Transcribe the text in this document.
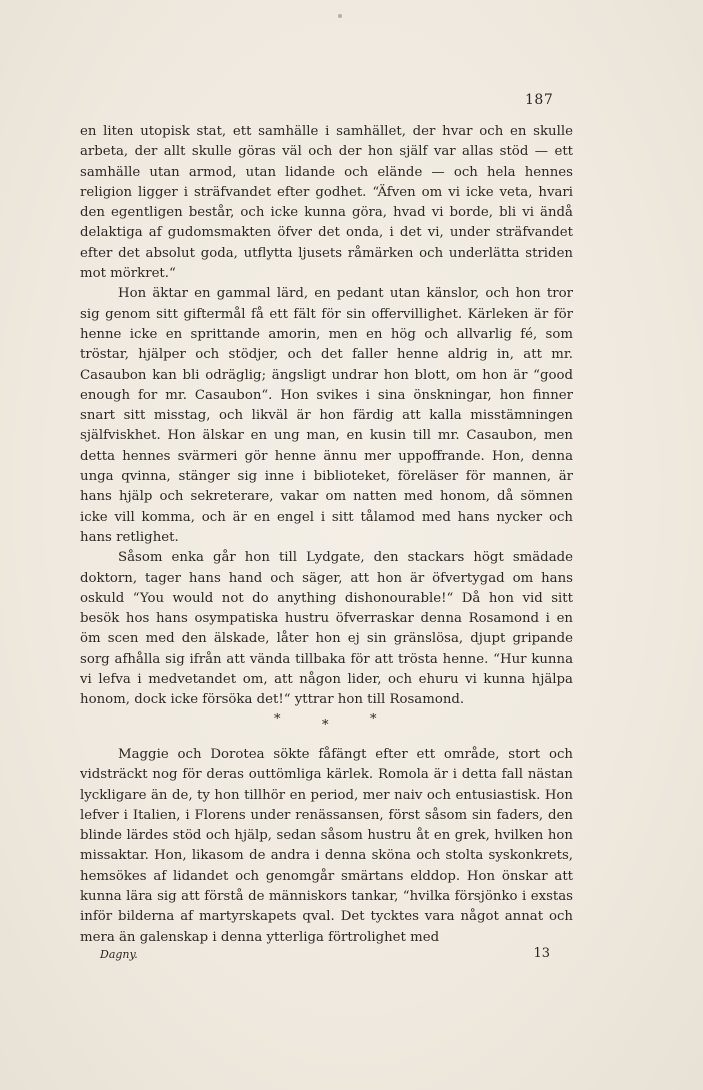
187

en liten utopisk stat, ett samhälle i samhället, der hvar och en skulle arbeta, der allt skulle göras väl och der hon själf var allas stöd — ett samhälle utan armod, utan lidande och elände — och hela hennes religion ligger i sträfvandet efter godhet. “Äfven om vi icke veta, hvari den egentligen består, och icke kunna göra, hvad vi borde, bli vi ändå delaktiga af gudomsmakten öfver det onda, i det vi, under sträfvandet efter det absolut goda, utflytta ljusets råmärken och underlätta striden mot mörkret.“

Hon äktar en gammal lärd, en pedant utan känslor, och hon tror sig genom sitt giftermål få ett fält för sin offervillighet. Kärleken är för henne icke en sprittande amorin, men en hög och allvarlig fé, som tröstar, hjälper och stödjer, och det faller henne aldrig in, att mr. Casaubon kan bli odräglig; ängsligt undrar hon blott, om hon är “good enough for mr. Casaubon“. Hon svikes i sina önskningar, hon finner snart sitt misstag, och likväl är hon färdig att kalla misstämningen själfviskhet. Hon älskar en ung man, en kusin till mr. Casaubon, men detta hennes svärmeri gör henne ännu mer uppoffrande. Hon, denna unga qvinna, stänger sig inne i biblioteket, föreläser för mannen, är hans hjälp och sekreterare, vakar om natten med honom, då sömnen icke vill komma, och är en engel i sitt tålamod med hans nycker och hans retlighet.

Såsom enka går hon till Lydgate, den stackars högt smädade doktorn, tager hans hand och säger, att hon är öfvertygad om hans oskuld “You would not do anything dishonourable!“ Då hon vid sitt besök hos hans osympatiska hustru öfverraskar denna Rosamond i en öm scen med den älskade, låter hon ej sin gränslösa, djupt gripande sorg afhålla sig ifrån att vända tillbaka för att trösta henne. “Hur kunna vi lefva i medvetandet om, att någon lider, och ehuru vi kunna hjälpa honom, dock icke försöka det!“ yttrar hon till Rosamond.

*	*	*

Maggie och Dorotea sökte fåfängt efter ett område, stort och vidsträckt nog för deras outtömliga kärlek. Romola är i detta fall nästan lyckligare än de, ty hon tillhör en period, mer naiv och entusiastisk. Hon lefver i Italien, i Florens under renässansen, först såsom sin faders, den blinde lärdes stöd och hjälp, sedan såsom hustru åt en grek, hvilken hon missaktar. Hon, likasom de andra i denna sköna och stolta syskonkrets, hemsökes af lidandet och genomgår smärtans elddop. Hon önskar att kunna lära sig att förstå de människors tankar, “hvilka försjönko i exstas inför bilderna af martyrskapets qval. Det tycktes vara något annat och mera än galenskap i denna ytterliga förtrolighet med

Dagny.	13
